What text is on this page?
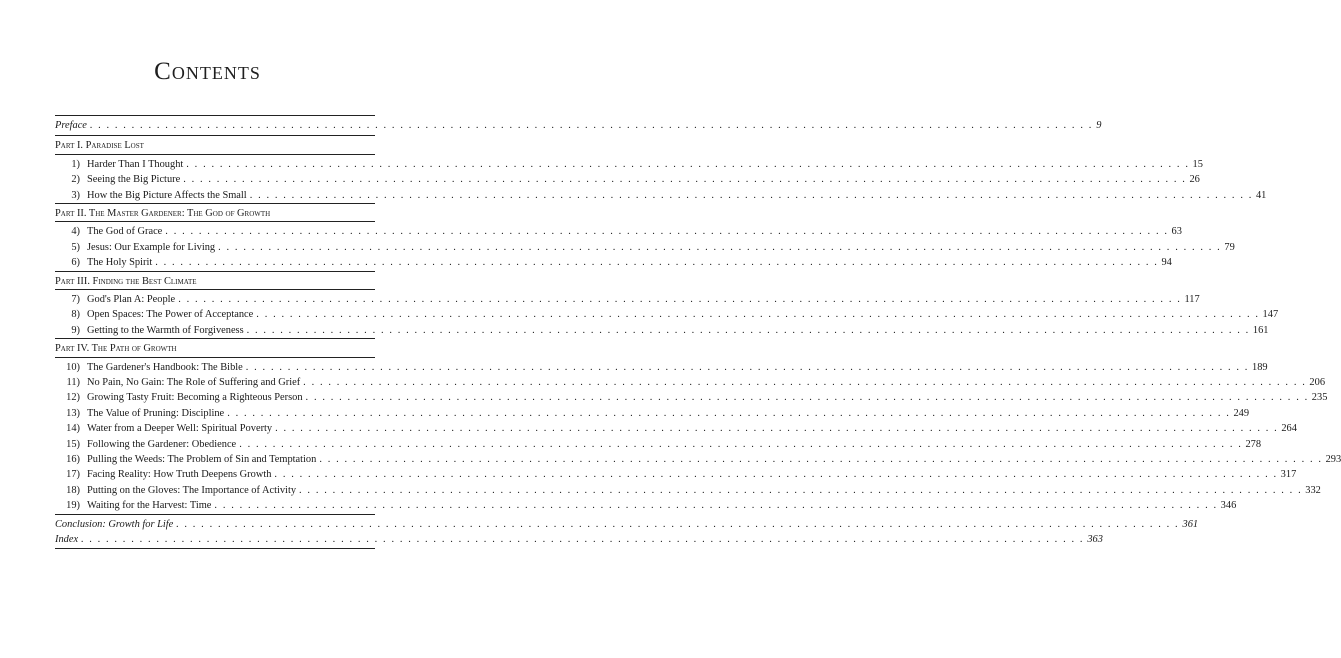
Contents
Preface . . . . . . . . . . . . . . . . . . . . . . . . . . . . . . . . . . . . . . . . . . . . . . . . . . . . . . . . . . . . . . . . . . . . . . . . . . . . . . . . . . . . . . . . . . . . . . . . . . . . . . . . . . . . . . . . . . . . . . . . 9
Part I. Paradise Lost
1) Harder Than I Thought . . . . . . . . . . . . . . . . . . . . . . . . . . . . . . . . . . . . . . . . . . . . . . . . . . . . . . . . . . . . . . . . . . . . . . . . . . . . . . . . . . . . . . . . . . . . . . . . . . . . . . . . . . . . . . . . . . . . . . . . 15
2) Seeing the Big Picture . . . . . . . . . . . . . . . . . . . . . . . . . . . . . . . . . . . . . . . . . . . . . . . . . . . . . . . . . . . . . . . . . . . . . . . . . . . . . . . . . . . . . . . . . . . . . . . . . . . . . . . . . . . . . . . . . . . . . . . . 26
3) How the Big Picture Affects the Small . . . . . . . . . . . . . . . . . . . . . . . . . . . . . . . . . . . . . . . . . . . . . . . . . . . . . . . . . . . . . . . . . . . . . . . . . . . . . . . . . . . . . . . . . . . . . . . . . . . . . . . . . . . . . . . . . . . . . . . . 41
Part II. The Master Gardener: The God of Growth
4) The God of Grace . . . . . . . . . . . . . . . . . . . . . . . . . . . . . . . . . . . . . . . . . . . . . . . . . . . . . . . . . . . . . . . . . . . . . . . . . . . . . . . . . . . . . . . . . . . . . . . . . . . . . . . . . . . . . . . . . . . . . . . . 63
5) Jesus: Our Example for Living . . . . . . . . . . . . . . . . . . . . . . . . . . . . . . . . . . . . . . . . . . . . . . . . . . . . . . . . . . . . . . . . . . . . . . . . . . . . . . . . . . . . . . . . . . . . . . . . . . . . . . . . . . . . . . . . . . . . . . . . 79
6) The Holy Spirit . . . . . . . . . . . . . . . . . . . . . . . . . . . . . . . . . . . . . . . . . . . . . . . . . . . . . . . . . . . . . . . . . . . . . . . . . . . . . . . . . . . . . . . . . . . . . . . . . . . . . . . . . . . . . . . . . . . . . . . . 94
Part III. Finding the Best Climate
7) God's Plan A: People . . . . . . . . . . . . . . . . . . . . . . . . . . . . . . . . . . . . . . . . . . . . . . . . . . . . . . . . . . . . . . . . . . . . . . . . . . . . . . . . . . . . . . . . . . . . . . . . . . . . . . . . . . . . . . . . . . . . . . . . 117
8) Open Spaces: The Power of Acceptance . . . . . . . . . . . . . . . . . . . . . . . . . . . . . . . . . . . . . . . . . . . . . . . . . . . . . . . . . . . . . . . . . . . . . . . . . . . . . . . . . . . . . . . . . . . . . . . . . . . . . . . . . . . . . . . . . . . . . . . . 147
9) Getting to the Warmth of Forgiveness . . . . . . . . . . . . . . . . . . . . . . . . . . . . . . . . . . . . . . . . . . . . . . . . . . . . . . . . . . . . . . . . . . . . . . . . . . . . . . . . . . . . . . . . . . . . . . . . . . . . . . . . . . . . . . . . . . . . . . . . 161
Part IV. The Path of Growth
10) The Gardener's Handbook: The Bible . . . . . . . . . . . . . . . . . . . . . . . . . . . . . . . . . . . . . . . . . . . . . . . . . . . . . . . . . . . . . . . . . . . . . . . . . . . . . . . . . . . . . . . . . . . . . . . . . . . . . . . . . . . . . . . . . . . . . . . . 189
11) No Pain, No Gain: The Role of Suffering and Grief . . . . . . . . . . . . . . . . . . . . . . . . . . . . . . . . . . . . . . . . . . . . . . . . . . . . . . . . . . . . . . . . . . . . . . . . . . . . . . . . . . . . . . . . . . . . . . . . . . . . . . . . . . . . . . . . . . . . . . . . 206
12) Growing Tasty Fruit: Becoming a Righteous Person . . . . . . . . . . . . . . . . . . . . . . . . . . . . . . . . . . . . . . . . . . . . . . . . . . . . . . . . . . . . . . . . . . . . . . . . . . . . . . . . . . . . . . . . . . . . . . . . . . . . . . . . . . . . . . . . . . . . . . . . 235
13) The Value of Pruning: Discipline . . . . . . . . . . . . . . . . . . . . . . . . . . . . . . . . . . . . . . . . . . . . . . . . . . . . . . . . . . . . . . . . . . . . . . . . . . . . . . . . . . . . . . . . . . . . . . . . . . . . . . . . . . . . . . . . . . . . . . . . 249
14) Water from a Deeper Well: Spiritual Poverty . . . . . . . . . . . . . . . . . . . . . . . . . . . . . . . . . . . . . . . . . . . . . . . . . . . . . . . . . . . . . . . . . . . . . . . . . . . . . . . . . . . . . . . . . . . . . . . . . . . . . . . . . . . . . . . . . . . . . . . . 264
15) Following the Gardener: Obedience . . . . . . . . . . . . . . . . . . . . . . . . . . . . . . . . . . . . . . . . . . . . . . . . . . . . . . . . . . . . . . . . . . . . . . . . . . . . . . . . . . . . . . . . . . . . . . . . . . . . . . . . . . . . . . . . . . . . . . . . 278
16) Pulling the Weeds: The Problem of Sin and Temptation . . . . . . . . . . . . . . . . . . . . . . . . . . . . . . . . . . . . . . . . . . . . . . . . . . . . . . . . . . . . . . . . . . . . . . . . . . . . . . . . . . . . . . . . . . . . . . . . . . . . . . . . . . . . . . . . . . . . . . . . 293
17) Facing Reality: How Truth Deepens Growth . . . . . . . . . . . . . . . . . . . . . . . . . . . . . . . . . . . . . . . . . . . . . . . . . . . . . . . . . . . . . . . . . . . . . . . . . . . . . . . . . . . . . . . . . . . . . . . . . . . . . . . . . . . . . . . . . . . . . . . . 317
18) Putting on the Gloves: The Importance of Activity . . . . . . . . . . . . . . . . . . . . . . . . . . . . . . . . . . . . . . . . . . . . . . . . . . . . . . . . . . . . . . . . . . . . . . . . . . . . . . . . . . . . . . . . . . . . . . . . . . . . . . . . . . . . . . . . . . . . . . . . 332
19) Waiting for the Harvest: Time . . . . . . . . . . . . . . . . . . . . . . . . . . . . . . . . . . . . . . . . . . . . . . . . . . . . . . . . . . . . . . . . . . . . . . . . . . . . . . . . . . . . . . . . . . . . . . . . . . . . . . . . . . . . . . . . . . . . . . . . 346
Conclusion: Growth for Life . . . . . . . . . . . . . . . . . . . . . . . . . . . . . . . . . . . . . . . . . . . . . . . . . . . . . . . . . . . . . . . . . . . . . . . . . . . . . . . . . . . . . . . . . . . . . . . . . . . . . . . . . . . . . . . . . . . . . . . . 361
Index . . . . . . . . . . . . . . . . . . . . . . . . . . . . . . . . . . . . . . . . . . . . . . . . . . . . . . . . . . . . . . . . . . . . . . . . . . . . . . . . . . . . . . . . . . . . . . . . . . . . . . . . . . . . . . . . . . . . . . . . 363
